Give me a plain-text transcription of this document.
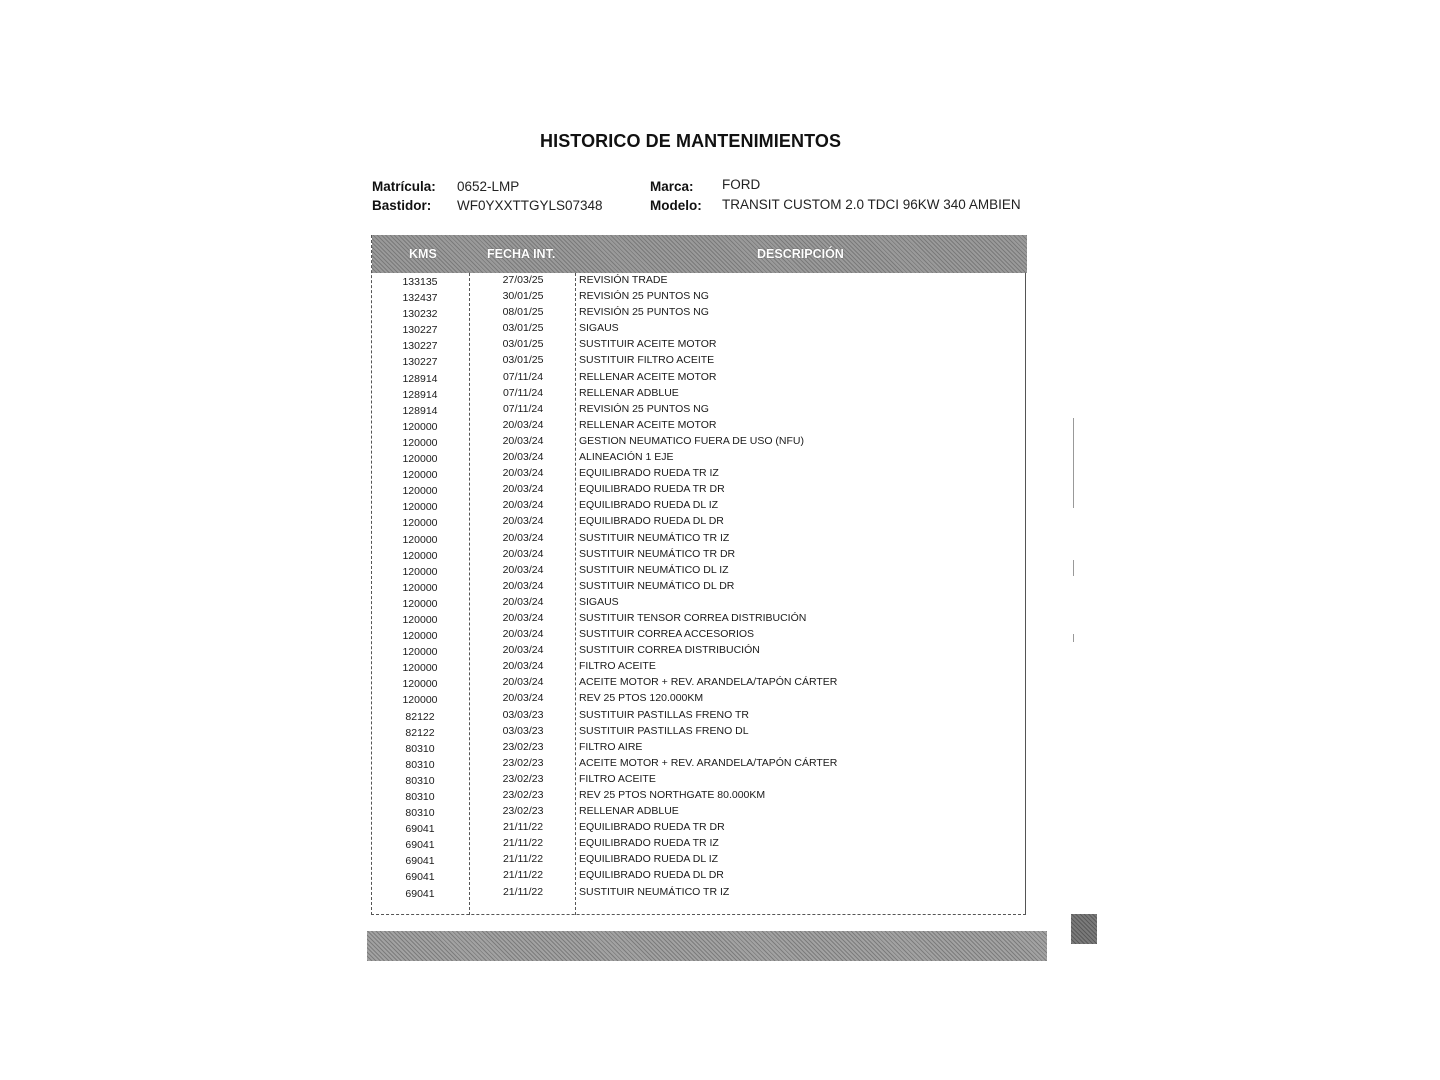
HISTORICO DE MANTENIMIENTOS
Matrícula: 0652-LMP
Bastidor: WF0YXXTTGYLS07348
Marca: FORD
Modelo: TRANSIT CUSTOM 2.0 TDCI 96KW 340 AMBIEN
KMS	FECHA INT.	DESCRIPCIÓN
133135	27/03/25	REVISIÓN TRADE
132437	30/01/25	REVISIÓN 25 PUNTOS NG
130232	08/01/25	REVISIÓN 25 PUNTOS NG
130227	03/01/25	SIGAUS
130227	03/01/25	SUSTITUIR ACEITE MOTOR
130227	03/01/25	SUSTITUIR FILTRO ACEITE
128914	07/11/24	RELLENAR ACEITE MOTOR
128914	07/11/24	RELLENAR ADBLUE
128914	07/11/24	REVISIÓN 25 PUNTOS NG
120000	20/03/24	RELLENAR ACEITE MOTOR
120000	20/03/24	GESTION NEUMATICO FUERA DE USO (NFU)
120000	20/03/24	ALINEACIÓN 1 EJE
120000	20/03/24	EQUILIBRADO RUEDA TR IZ
120000	20/03/24	EQUILIBRADO RUEDA TR DR
120000	20/03/24	EQUILIBRADO RUEDA DL IZ
120000	20/03/24	EQUILIBRADO RUEDA DL DR
120000	20/03/24	SUSTITUIR NEUMÁTICO TR IZ
120000	20/03/24	SUSTITUIR NEUMÁTICO TR DR
120000	20/03/24	SUSTITUIR NEUMÁTICO DL IZ
120000	20/03/24	SUSTITUIR NEUMÁTICO DL DR
120000	20/03/24	SIGAUS
120000	20/03/24	SUSTITUIR TENSOR CORREA DISTRIBUCIÓN
120000	20/03/24	SUSTITUIR CORREA ACCESORIOS
120000	20/03/24	SUSTITUIR CORREA DISTRIBUCIÓN
120000	20/03/24	FILTRO ACEITE
120000	20/03/24	ACEITE MOTOR + REV. ARANDELA/TAPÓN CÁRTER
120000	20/03/24	REV 25 PTOS 120.000KM
82122	03/03/23	SUSTITUIR PASTILLAS FRENO TR
82122	03/03/23	SUSTITUIR PASTILLAS FRENO DL
80310	23/02/23	FILTRO AIRE
80310	23/02/23	ACEITE MOTOR + REV. ARANDELA/TAPÓN CÁRTER
80310	23/02/23	FILTRO ACEITE
80310	23/02/23	REV 25 PTOS NORTHGATE 80.000KM
80310	23/02/23	RELLENAR ADBLUE
69041	21/11/22	EQUILIBRADO RUEDA TR DR
69041	21/11/22	EQUILIBRADO RUEDA TR IZ
69041	21/11/22	EQUILIBRADO RUEDA DL IZ
69041	21/11/22	EQUILIBRADO RUEDA DL DR
69041	21/11/22	SUSTITUIR NEUMÁTICO TR IZ
